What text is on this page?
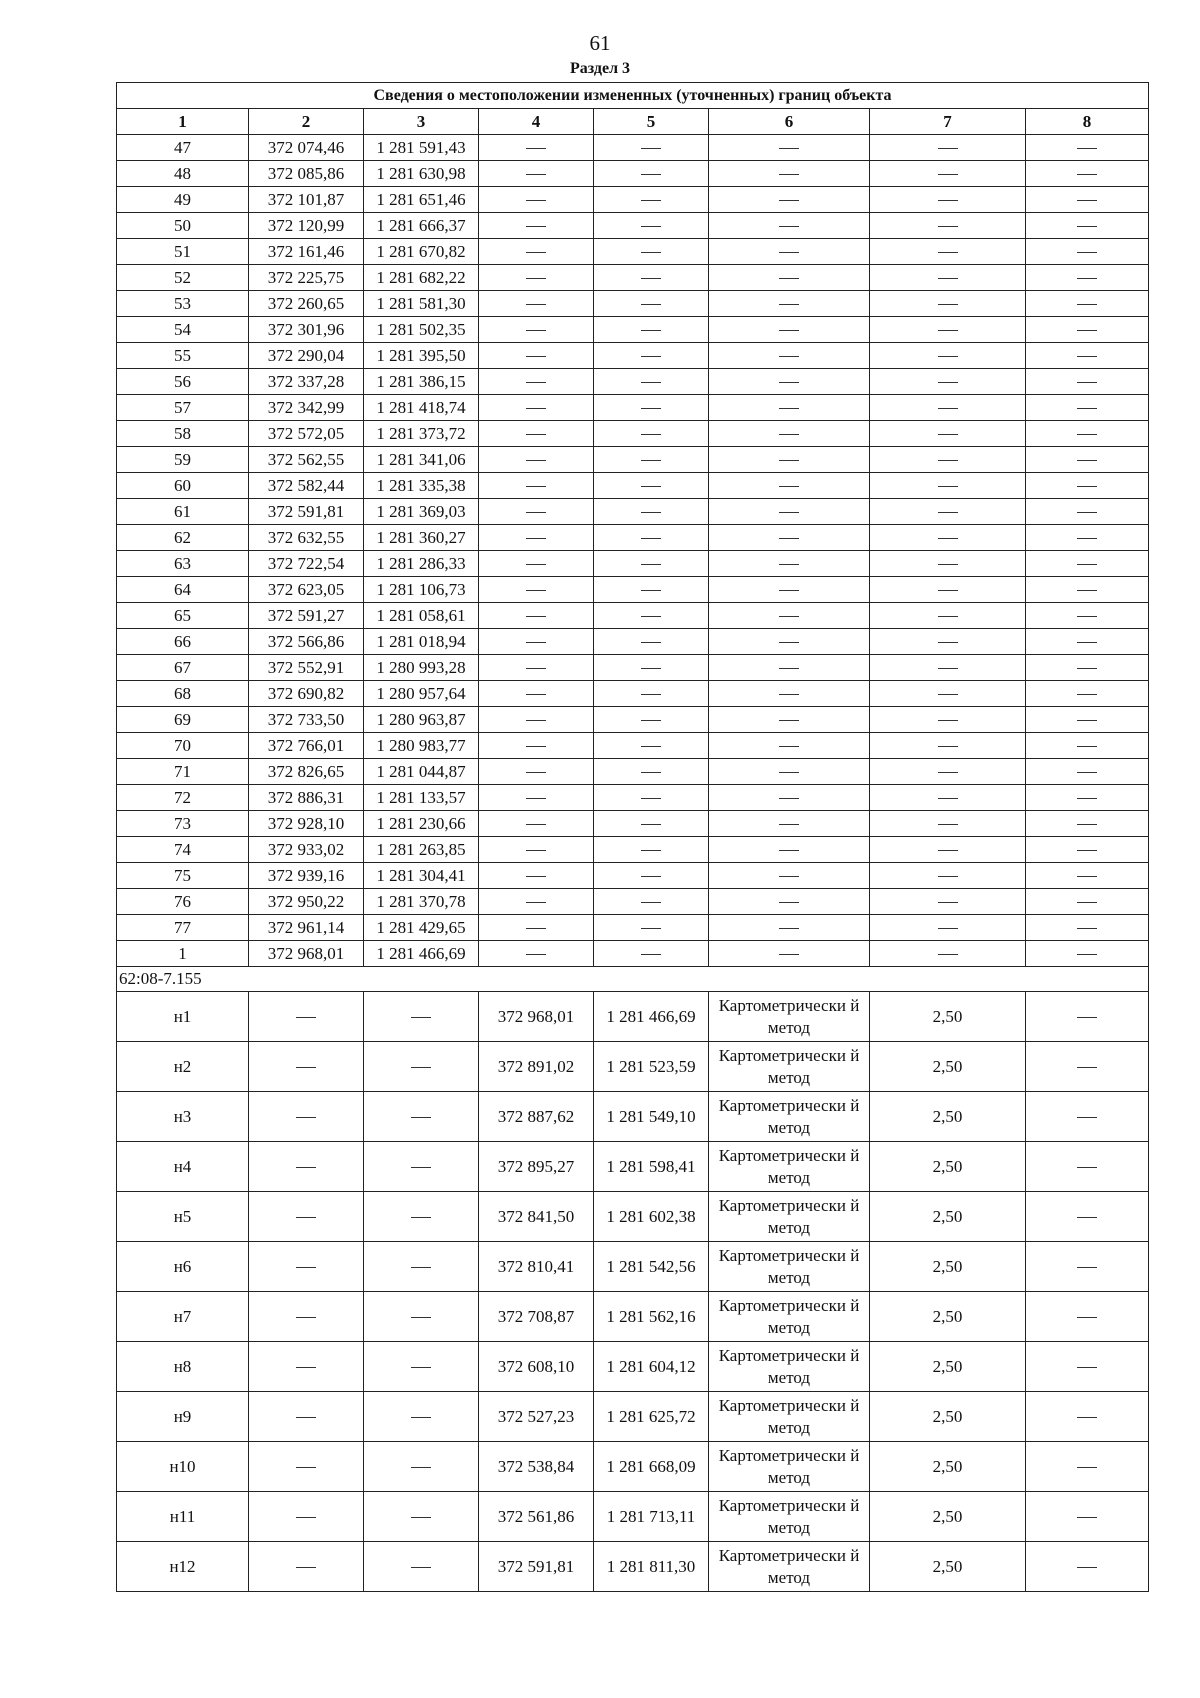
61
Раздел 3
Сведения о местоположении измененных (уточненных) границ объекта							
1	2	3	4	5	6	7	8
47	372 074,46	1 281 591,43					
48	372 085,86	1 281 630,98					
49	372 101,87	1 281 651,46					
50	372 120,99	1 281 666,37					
51	372 161,46	1 281 670,82					
52	372 225,75	1 281 682,22					
53	372 260,65	1 281 581,30					
54	372 301,96	1 281 502,35					
55	372 290,04	1 281 395,50					
56	372 337,28	1 281 386,15					
57	372 342,99	1 281 418,74					
58	372 572,05	1 281 373,72					
59	372 562,55	1 281 341,06					
60	372 582,44	1 281 335,38					
61	372 591,81	1 281 369,03					
62	372 632,55	1 281 360,27					
63	372 722,54	1 281 286,33					
64	372 623,05	1 281 106,73					
65	372 591,27	1 281 058,61					
66	372 566,86	1 281 018,94					
67	372 552,91	1 280 993,28					
68	372 690,82	1 280 957,64					
69	372 733,50	1 280 963,87					
70	372 766,01	1 280 983,77					
71	372 826,65	1 281 044,87					
72	372 886,31	1 281 133,57					
73	372 928,10	1 281 230,66					
74	372 933,02	1 281 263,85					
75	372 939,16	1 281 304,41					
76	372 950,22	1 281 370,78					
77	372 961,14	1 281 429,65					
1	372 968,01	1 281 466,69					
62:08-7.155							
н1			372 968,01	1 281 466,69	Картометрически й метод	2,50	
н2			372 891,02	1 281 523,59	Картометрически й метод	2,50	
н3			372 887,62	1 281 549,10	Картометрически й метод	2,50	
н4			372 895,27	1 281 598,41	Картометрически й метод	2,50	
н5			372 841,50	1 281 602,38	Картометрически й метод	2,50	
н6			372 810,41	1 281 542,56	Картометрически й метод	2,50	
н7			372 708,87	1 281 562,16	Картометрически й метод	2,50	
н8			372 608,10	1 281 604,12	Картометрически й метод	2,50	
н9			372 527,23	1 281 625,72	Картометрически й метод	2,50	
н10			372 538,84	1 281 668,09	Картометрически й метод	2,50	
н11			372 561,86	1 281 713,11	Картометрически й метод	2,50	
н12			372 591,81	1 281 811,30	Картометрически й метод	2,50	
